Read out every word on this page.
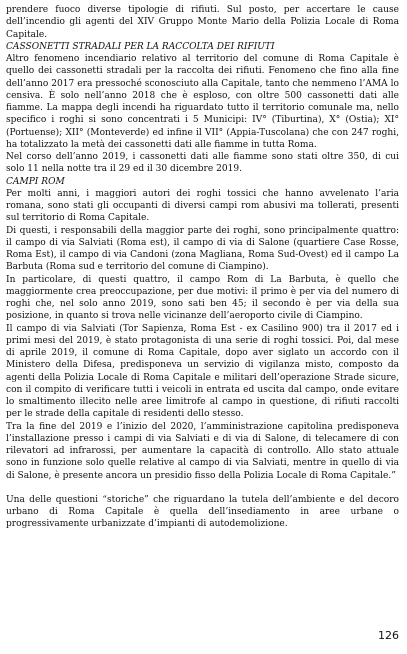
prendere fuoco diverse tipologie di rifiuti. Sul posto, per accertare le cause dell’incendio gli agenti del XIV Gruppo Monte Mario della Polizia Locale di Roma Capitale.

CASSONETTI STRADALI PER LA RACCOLTA DEI RIFIUTI

Altro fenomeno incendiario relativo al territorio del comune di Roma Capitale è quello dei cassonetti stradali per la raccolta dei rifiuti. Fenomeno che fino alla fine dell’anno 2017 era pressoché sconosciuto alla Capitale, tanto che nemmeno l’AMA lo censiva. È solo nell’anno 2018 che è esploso, con oltre 500 cassonetti dati alle fiamme. La mappa degli incendi ha riguardato tutto il territorio comunale ma, nello specifico i roghi si sono concentrati i 5 Municipi: IV° (Tiburtina), X° (Ostia); XI° (Portuense); XII° (Monteverde) ed infine il VII° (Appia-Tuscolana) che con 247 roghi, ha totalizzato la metà dei cassonetti dati alle fiamme in tutta Roma.

Nel corso dell’anno 2019, i cassonetti dati alle fiamme sono stati oltre 350, di cui solo 11 nella notte tra il 29 ed il 30 dicembre 2019.

CAMPI ROM

Per molti anni, i maggiori autori dei roghi tossici che hanno avvelenato l’aria romana, sono stati gli occupanti di diversi campi rom abusivi ma tollerati, presenti sul territorio di Roma Capitale.

Di questi, i responsabili della maggior parte dei roghi, sono principalmente quattro: il campo di via Salviati (Roma est), il campo di via di Salone (quartiere Case Rosse, Roma Est), il campo di via Candoni (zona Magliana, Roma Sud-Ovest) ed il campo La Barbuta (Roma sud e territorio del comune di Ciampino).

In particolare, di questi quattro, il campo Rom di La Barbuta, è quello che maggiormente crea preoccupazione, per due motivi: il primo è per via del numero di roghi che, nel solo anno 2019, sono sati ben 45; il secondo è per via della sua posizione, in quanto si trova nelle vicinanze dell’aeroporto civile di Ciampino.

Il campo di via Salviati (Tor Sapienza, Roma Est - ex Casilino 900) tra il 2017 ed i primi mesi del 2019, è stato protagonista di una serie di roghi tossici. Poi, dal mese di aprile 2019, il comune di Roma Capitale, dopo aver siglato un accordo con il Ministero della Difesa, predisponeva un servizio di vigilanza misto, composto da agenti della Polizia Locale di Roma Capitale e militari dell’operazione Strade sicure, con il compito di verificare tutti i veicoli in entrata ed uscita dal campo, onde evitare lo smaltimento illecito nelle aree limitrofe al campo in questione, di rifiuti raccolti per le strade della capitale di residenti dello stesso.

Tra la fine del 2019 e l’inizio del 2020, l’amministrazione capitolina predisponeva l’installazione presso i campi di via Salviati e di via di Salone, di telecamere di con rilevatori ad infrarossi, per aumentare la capacità di controllo. Allo stato attuale sono in funzione solo quelle relative al campo di via Salviati, mentre in quello di via di Salone, è presente ancora un presidio fisso della Polizia Locale di Roma Capitale.”

Una delle questioni “storiche” che riguardano la tutela dell’ambiente e del decoro urbano di Roma Capitale è quella dell’insediamento in aree urbane o progressivamente urbanizzate d’impianti di autodemolizione.

126
